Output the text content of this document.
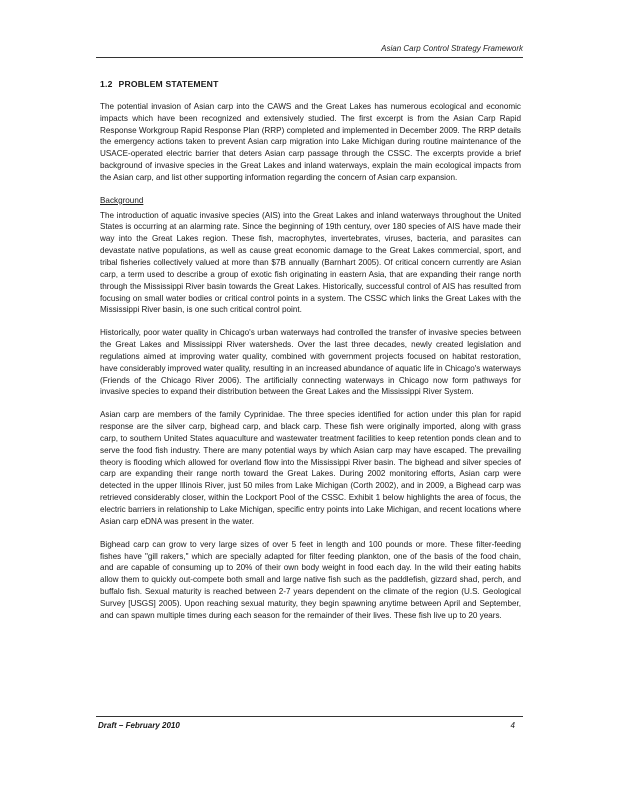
Asian Carp Control Strategy Framework
1.2 PROBLEM STATEMENT

The potential invasion of Asian carp into the CAWS and the Great Lakes has numerous ecological and economic impacts which have been recognized and extensively studied. The first excerpt is from the Asian Carp Rapid Response Workgroup Rapid Response Plan (RRP) completed and implemented in December 2009. The RRP details the emergency actions taken to prevent Asian carp migration into Lake Michigan during routine maintenance of the USACE-operated electric barrier that deters Asian carp passage through the CSSC. The excerpts provide a brief background of invasive species in the Great Lakes and inland waterways, explain the main ecological impacts from the Asian carp, and list other supporting information regarding the concern of Asian carp expansion.

Background

The introduction of aquatic invasive species (AIS) into the Great Lakes and inland waterways throughout the United States is occurring at an alarming rate. Since the beginning of 19th century, over 180 species of AIS have made their way into the Great Lakes region. These fish, macrophytes, invertebrates, viruses, bacteria, and parasites can devastate native populations, as well as cause great economic damage to the Great Lakes commercial, sport, and tribal fisheries collectively valued at more than $7B annually (Barnhart 2005). Of critical concern currently are Asian carp, a term used to describe a group of exotic fish originating in eastern Asia, that are expanding their range north through the Mississippi River basin towards the Great Lakes. Historically, successful control of AIS has resulted from focusing on small water bodies or critical control points in a system. The CSSC which links the Great Lakes with the Mississippi River basin, is one such critical control point.

Historically, poor water quality in Chicago's urban waterways had controlled the transfer of invasive species between the Great Lakes and Mississippi River watersheds. Over the last three decades, newly created legislation and regulations aimed at improving water quality, combined with government projects focused on habitat restoration, have considerably improved water quality, resulting in an increased abundance of aquatic life in Chicago's waterways (Friends of the Chicago River 2006). The artificially connecting waterways in Chicago now form pathways for invasive species to expand their distribution between the Great Lakes and the Mississippi River System.

Asian carp are members of the family Cyprinidae. The three species identified for action under this plan for rapid response are the silver carp, bighead carp, and black carp. These fish were originally imported, along with grass carp, to southern United States aquaculture and wastewater treatment facilities to keep retention ponds clean and to serve the food fish industry. There are many potential ways by which Asian carp may have escaped. The prevailing theory is flooding which allowed for overland flow into the Mississippi River basin. The bighead and silver species of carp are expanding their range north toward the Great Lakes. During 2002 monitoring efforts, Asian carp were detected in the upper Illinois River, just 50 miles from Lake Michigan (Corth 2002), and in 2009, a Bighead carp was retrieved considerably closer, within the Lockport Pool of the CSSC. Exhibit 1 below highlights the area of focus, the electric barriers in relationship to Lake Michigan, specific entry points into Lake Michigan, and recent locations where Asian carp eDNA was present in the water.

Bighead carp can grow to very large sizes of over 5 feet in length and 100 pounds or more. These filter-feeding fishes have "gill rakers," which are specially adapted for filter feeding plankton, one of the basis of the food chain, and are capable of consuming up to 20% of their own body weight in food each day. In the wild their eating habits allow them to quickly out-compete both small and large native fish such as the paddlefish, gizzard shad, perch, and buffalo fish. Sexual maturity is reached between 2-7 years dependent on the climate of the region (U.S. Geological Survey [USGS] 2005). Upon reaching sexual maturity, they begin spawning anytime between April and September, and can spawn multiple times during each season for the remainder of their lives. These fish live up to 20 years.

Draft – February 2010	4
